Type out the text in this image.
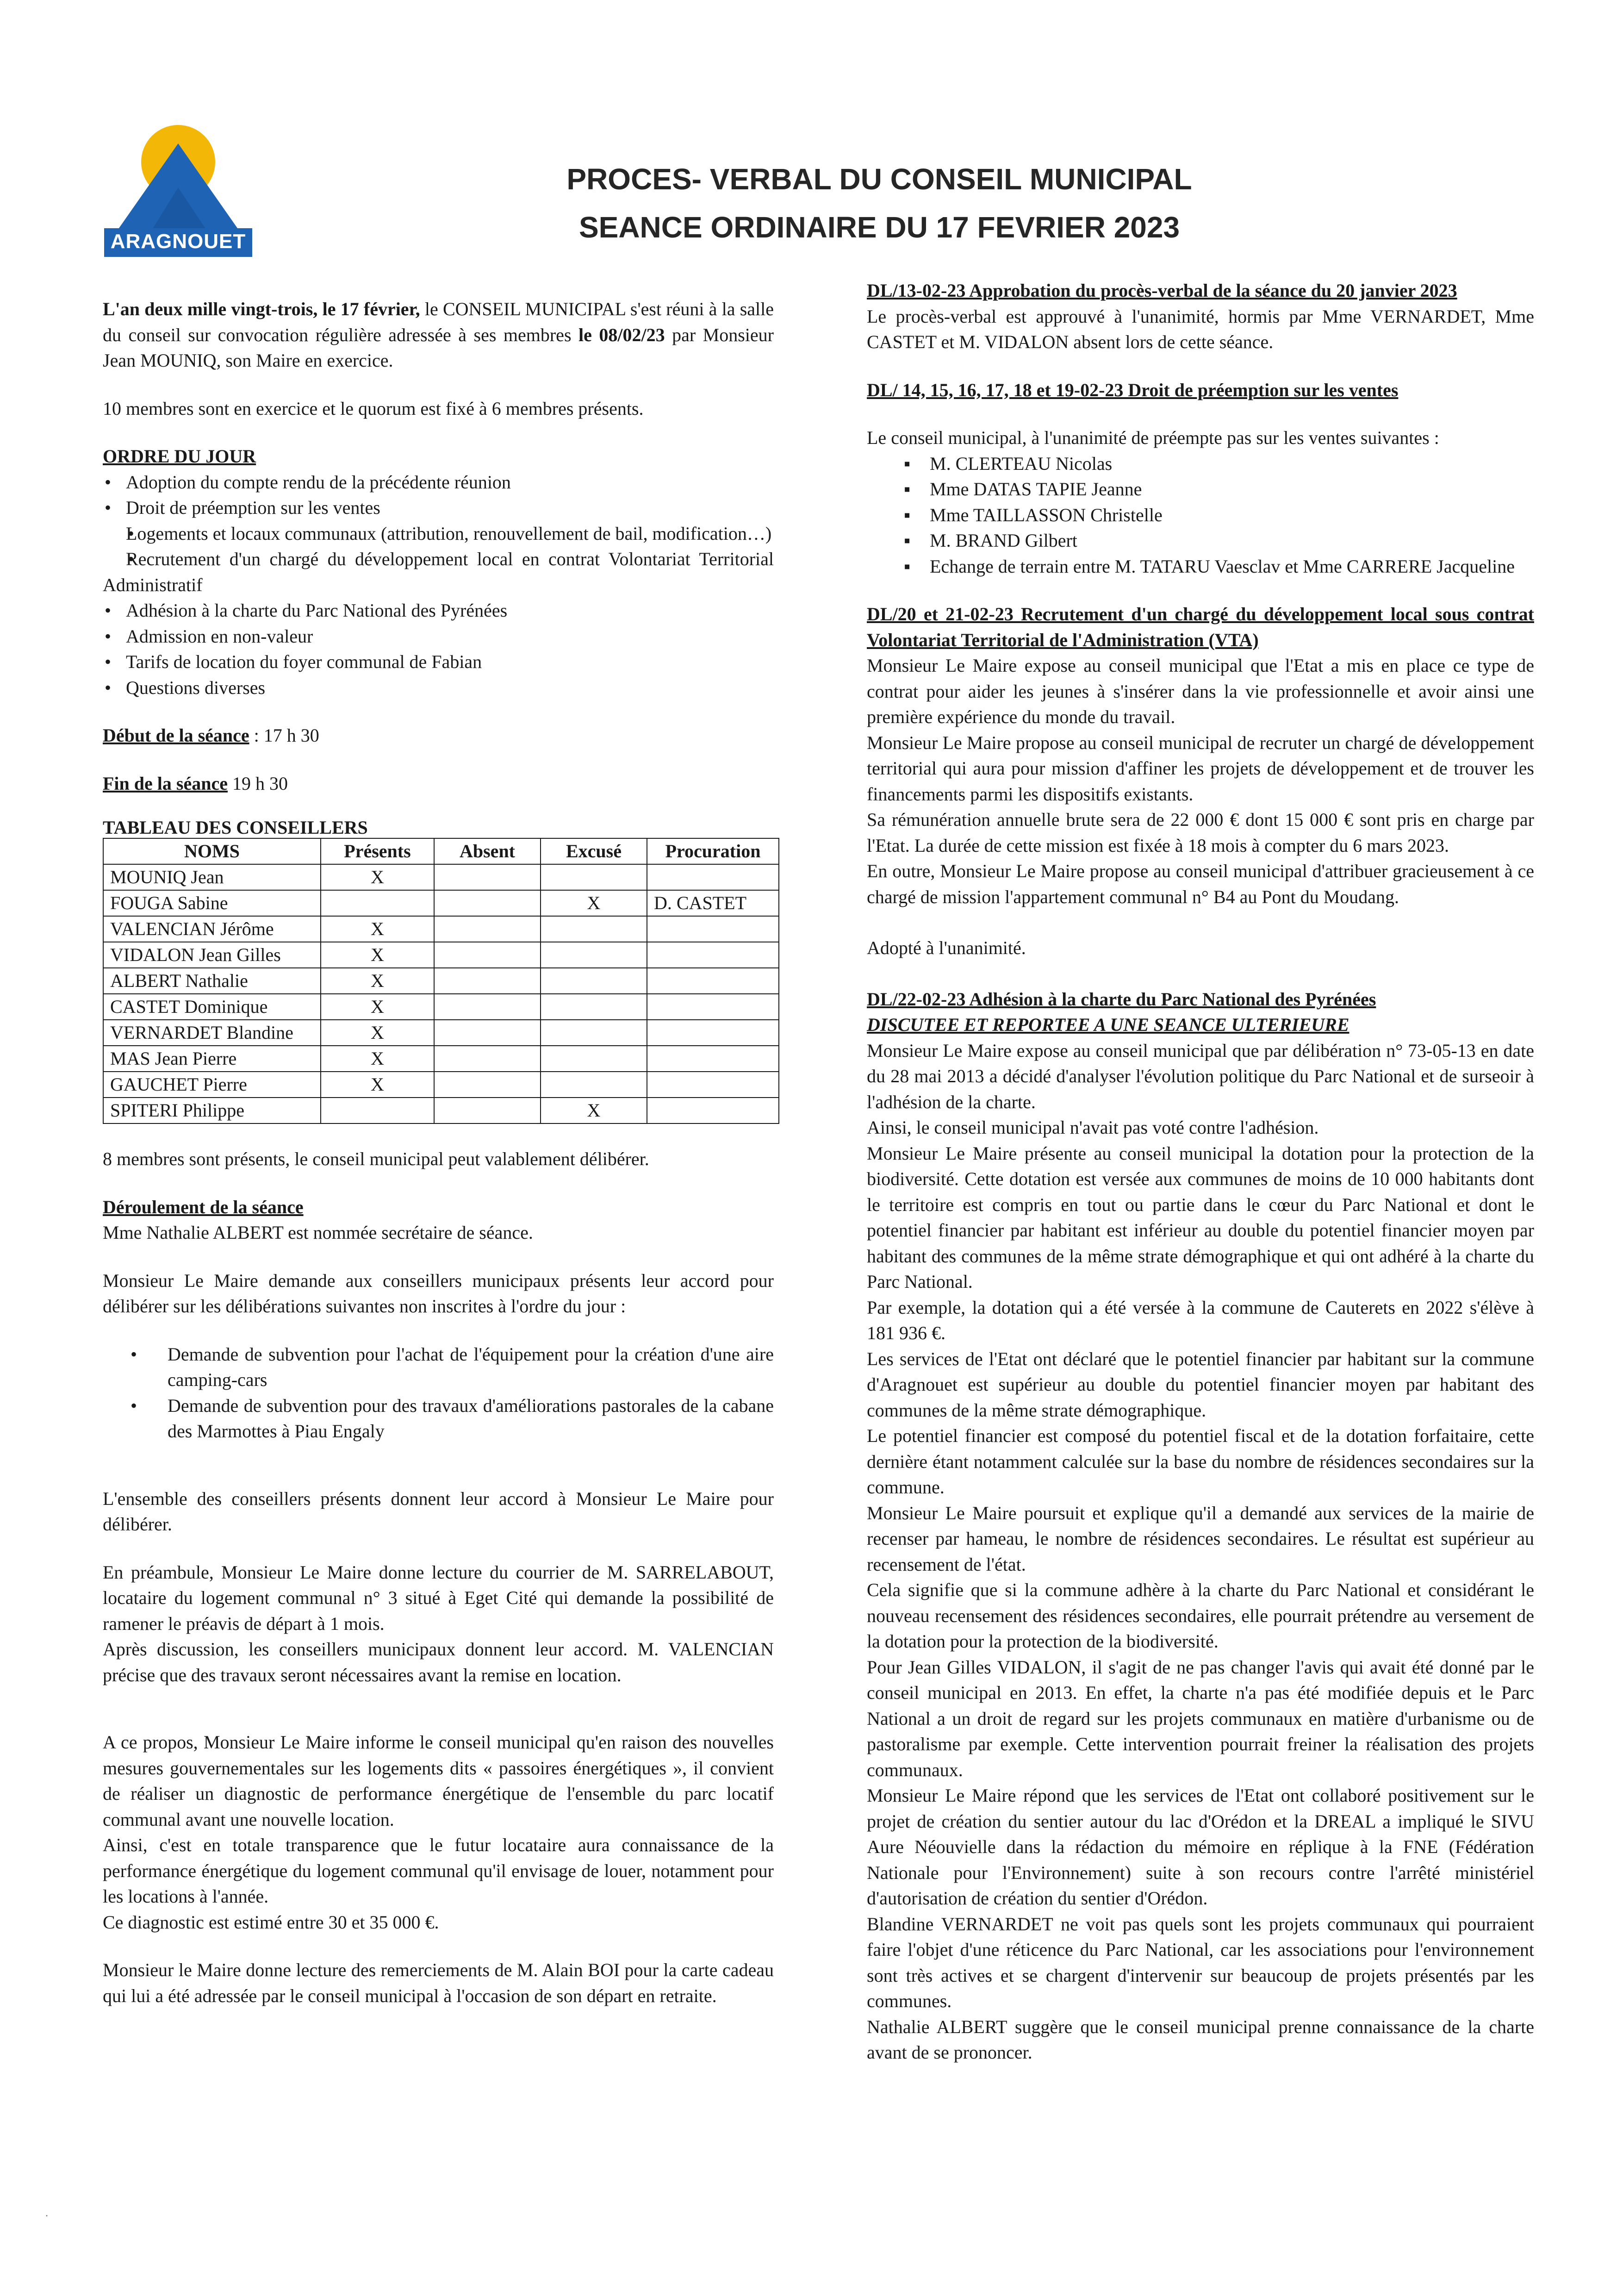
ARAGNOUET
PROCES- VERBAL DU CONSEIL MUNICIPAL
SEANCE ORDINAIRE DU 17 FEVRIER 2023

L'an deux mille vingt-trois, le 17 février, le CONSEIL MUNICIPAL s'est réuni à la salle du conseil sur convocation régulière adressée à ses membres le 08/02/23 par Monsieur Jean MOUNIQ, son Maire en exercice.

10 membres sont en exercice et le quorum est fixé à 6 membres présents.

ORDRE DU JOUR

• Adoption du compte rendu de la précédente réunion
• Droit de préemption sur les ventes
• Logements et locaux communaux (attribution, renouvellement de bail, modification…)
• Recrutement d'un chargé du développement local en contrat Volontariat Territorial Administratif
• Adhésion à la charte du Parc National des Pyrénées
• Admission en non-valeur
• Tarifs de location du foyer communal de Fabian
• Questions diverses

Début de la séance : 17 h 30

Fin de la séance 19 h 30

TABLEAU DES CONSEILLERS

NOMS	Présents	Absent	Excusé	Procuration
MOUNIQ Jean	X			
FOUGA Sabine			X	D. CASTET
VALENCIAN Jérôme	X			
VIDALON Jean Gilles	X			
ALBERT Nathalie	X			
CASTET Dominique	X			
VERNARDET Blandine	X			
MAS Jean Pierre	X			
GAUCHET Pierre	X			
SPITERI Philippe			X	

8 membres sont présents, le conseil municipal peut valablement délibérer.

Déroulement de la séance

Mme Nathalie ALBERT est nommée secrétaire de séance.

Monsieur Le Maire demande aux conseillers municipaux présents leur accord pour délibérer sur les délibérations suivantes non inscrites à l'ordre du jour :

• Demande de subvention pour l'achat de l'équipement pour la création d'une aire camping-cars
• Demande de subvention pour des travaux d'améliorations pastorales de la cabane des Marmottes à Piau Engaly

L'ensemble des conseillers présents donnent leur accord à Monsieur Le Maire pour délibérer.

En préambule, Monsieur Le Maire donne lecture du courrier de M. SARRELABOUT, locataire du logement communal n° 3 situé à Eget Cité qui demande la possibilité de ramener le préavis de départ à 1 mois.

Après discussion, les conseillers municipaux donnent leur accord. M. VALENCIAN précise que des travaux seront nécessaires avant la remise en location.

A ce propos, Monsieur Le Maire informe le conseil municipal qu'en raison des nouvelles mesures gouvernementales sur les logements dits « passoires énergétiques », il convient de réaliser un diagnostic de performance énergétique de l'ensemble du parc locatif communal avant une nouvelle location.

Ainsi, c'est en totale transparence que le futur locataire aura connaissance de la performance énergétique du logement communal qu'il envisage de louer, notamment pour les locations à l'année.

Ce diagnostic est estimé entre 30 et 35 000 €.

Monsieur le Maire donne lecture des remerciements de M. Alain BOI pour la carte cadeau qui lui a été adressée par le conseil municipal à l'occasion de son départ en retraite.

DL/13-02-23 Approbation du procès-verbal de la séance du 20 janvier 2023

Le procès-verbal est approuvé à l'unanimité, hormis par Mme VERNARDET, Mme CASTET et M. VIDALON absent lors de cette séance.

DL/ 14, 15, 16, 17, 18 et 19-02-23 Droit de préemption sur les ventes

Le conseil municipal, à l'unanimité de préempte pas sur les ventes suivantes :

▪ M. CLERTEAU Nicolas
▪ Mme DATAS TAPIE Jeanne
▪ Mme TAILLASSON Christelle
▪ M. BRAND Gilbert
▪ Echange de terrain entre M. TATARU Vaesclav et Mme CARRERE Jacqueline

DL/20 et 21-02-23 Recrutement d'un chargé du développement local sous contrat Volontariat Territorial de l'Administration (VTA)

Monsieur Le Maire expose au conseil municipal que l'Etat a mis en place ce type de contrat pour aider les jeunes à s'insérer dans la vie professionnelle et avoir ainsi une première expérience du monde du travail.

Monsieur Le Maire propose au conseil municipal de recruter un chargé de développement territorial qui aura pour mission d'affiner les projets de développement et de trouver les financements parmi les dispositifs existants.

Sa rémunération annuelle brute sera de 22 000 € dont 15 000 € sont pris en charge par l'Etat. La durée de cette mission est fixée à 18 mois à compter du 6 mars 2023.

En outre, Monsieur Le Maire propose au conseil municipal d'attribuer gracieusement à ce chargé de mission l'appartement communal n° B4 au Pont du Moudang.

Adopté à l'unanimité.

DL/22-02-23 Adhésion à la charte du Parc National des Pyrénées

DISCUTEE ET REPORTEE A UNE SEANCE ULTERIEURE

Monsieur Le Maire expose au conseil municipal que par délibération n° 73-05-13 en date du 28 mai 2013 a décidé d'analyser l'évolution politique du Parc National et de surseoir à l'adhésion de la charte.

Ainsi, le conseil municipal n'avait pas voté contre l'adhésion.

Monsieur Le Maire présente au conseil municipal la dotation pour la protection de la biodiversité. Cette dotation est versée aux communes de moins de 10 000 habitants dont le territoire est compris en tout ou partie dans le cœur du Parc National et dont le potentiel financier par habitant est inférieur au double du potentiel financier moyen par habitant des communes de la même strate démographique et qui ont adhéré à la charte du Parc National.

Par exemple, la dotation qui a été versée à la commune de Cauterets en 2022 s'élève à 181 936 €.

Les services de l'Etat ont déclaré que le potentiel financier par habitant sur la commune d'Aragnouet est supérieur au double du potentiel financier moyen par habitant des communes de la même strate démographique.

Le potentiel financier est composé du potentiel fiscal et de la dotation forfaitaire, cette dernière étant notamment calculée sur la base du nombre de résidences secondaires sur la commune.

Monsieur Le Maire poursuit et explique qu'il a demandé aux services de la mairie de recenser par hameau, le nombre de résidences secondaires. Le résultat est supérieur au recensement de l'état.

Cela signifie que si la commune adhère à la charte du Parc National et considérant le nouveau recensement des résidences secondaires, elle pourrait prétendre au versement de la dotation pour la protection de la biodiversité.

Pour Jean Gilles VIDALON, il s'agit de ne pas changer l'avis qui avait été donné par le conseil municipal en 2013. En effet, la charte n'a pas été modifiée depuis et le Parc National a un droit de regard sur les projets communaux en matière d'urbanisme ou de pastoralisme par exemple. Cette intervention pourrait freiner la réalisation des projets communaux.

Monsieur Le Maire répond que les services de l'Etat ont collaboré positivement sur le projet de création du sentier autour du lac d'Orédon et la DREAL a impliqué le SIVU Aure Néouvielle dans la rédaction du mémoire en réplique à la FNE (Fédération Nationale pour l'Environnement) suite à son recours contre l'arrêté ministériel d'autorisation de création du sentier d'Orédon.

Blandine VERNARDET ne voit pas quels sont les projets communaux qui pourraient faire l'objet d'une réticence du Parc National, car les associations pour l'environnement sont très actives et se chargent d'intervenir sur beaucoup de projets présentés par les communes.

Nathalie ALBERT suggère que le conseil municipal prenne connaissance de la charte avant de se prononcer.

.
